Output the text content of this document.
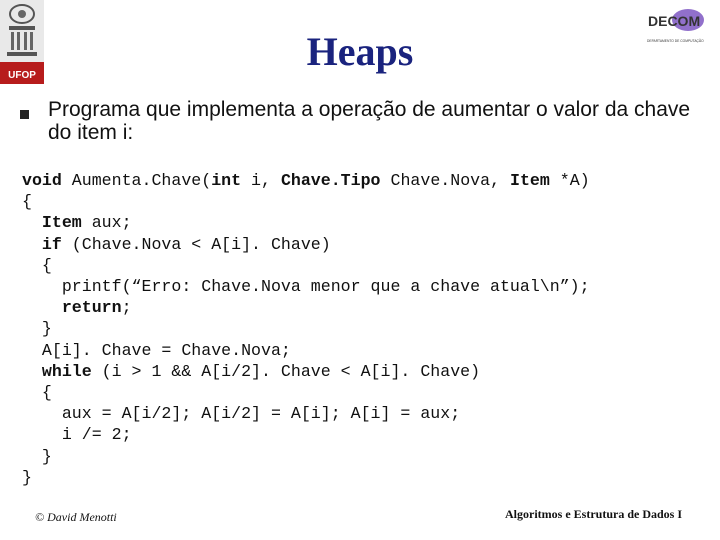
UFOP
DECOM
DEPARTAMENTO DE COMPUTAÇÃO
Heaps
Programa que implementa a operação de aumentar o valor da chave do item i:
void Aumenta.Chave(int i, Chave.Tipo Chave.Nova, Item *A)
{
Item aux;
if (Chave.Nova < A[i]. Chave)
{
printf(“Erro: Chave.Nova menor que a chave atual\n”);
return;
}
A[i]. Chave = Chave.Nova;
while (i > 1 && A[i/2]. Chave < A[i]. Chave)
{
aux = A[i/2]; A[i/2] = A[i]; A[i] = aux;
i /= 2;
}
}
© David Menotti	Algoritmos e Estrutura de Dados I
